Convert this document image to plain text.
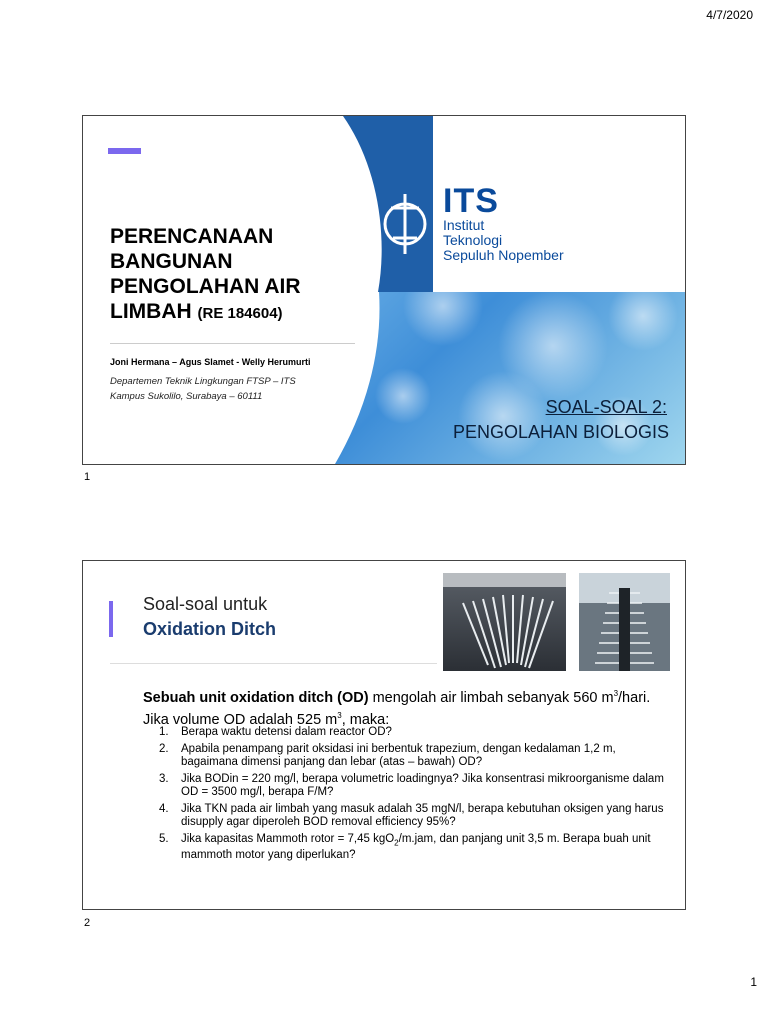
4/7/2020
PERENCANAAN BANGUNAN PENGOLAHAN AIR LIMBAH (RE 184604)
Joni Hermana – Agus Slamet - Welly Herumurti
Departemen Teknik Lingkungan FTSP – ITS
Kampus Sukolilo, Surabaya – 60111
ITS
Institut
Teknologi
Sepuluh Nopember
SOAL-SOAL 2:
PENGOLAHAN BIOLOGIS
1
Soal-soal untuk
Oxidation Ditch
Sebuah unit oxidation ditch (OD) mengolah air limbah sebanyak 560 $m^3$/hari. Jika volume OD adalah 525 $m^3$, maka:
1. Berapa waktu detensi dalam reactor OD?
2. Apabila penampang parit oksidasi ini berbentuk trapezium, dengan kedalaman 1,2 m, bagaimana dimensi panjang dan lebar (atas – bawah) OD?
3. Jika BODin = 220 mg/l, berapa volumetric loadingnya? Jika konsentrasi mikroorganisme dalam OD = 3500 mg/l, berapa F/M?
4. Jika TKN pada air limbah yang masuk adalah 35 mgN/l, berapa kebutuhan oksigen yang harus disupply agar diperoleh BOD removal efficiency 95%?
5. Jika kapasitas Mammoth rotor = 7,45 kgO$_2$/m.jam, dan panjang unit 3,5 m. Berapa buah unit mammoth motor yang diperlukan?
2
1
